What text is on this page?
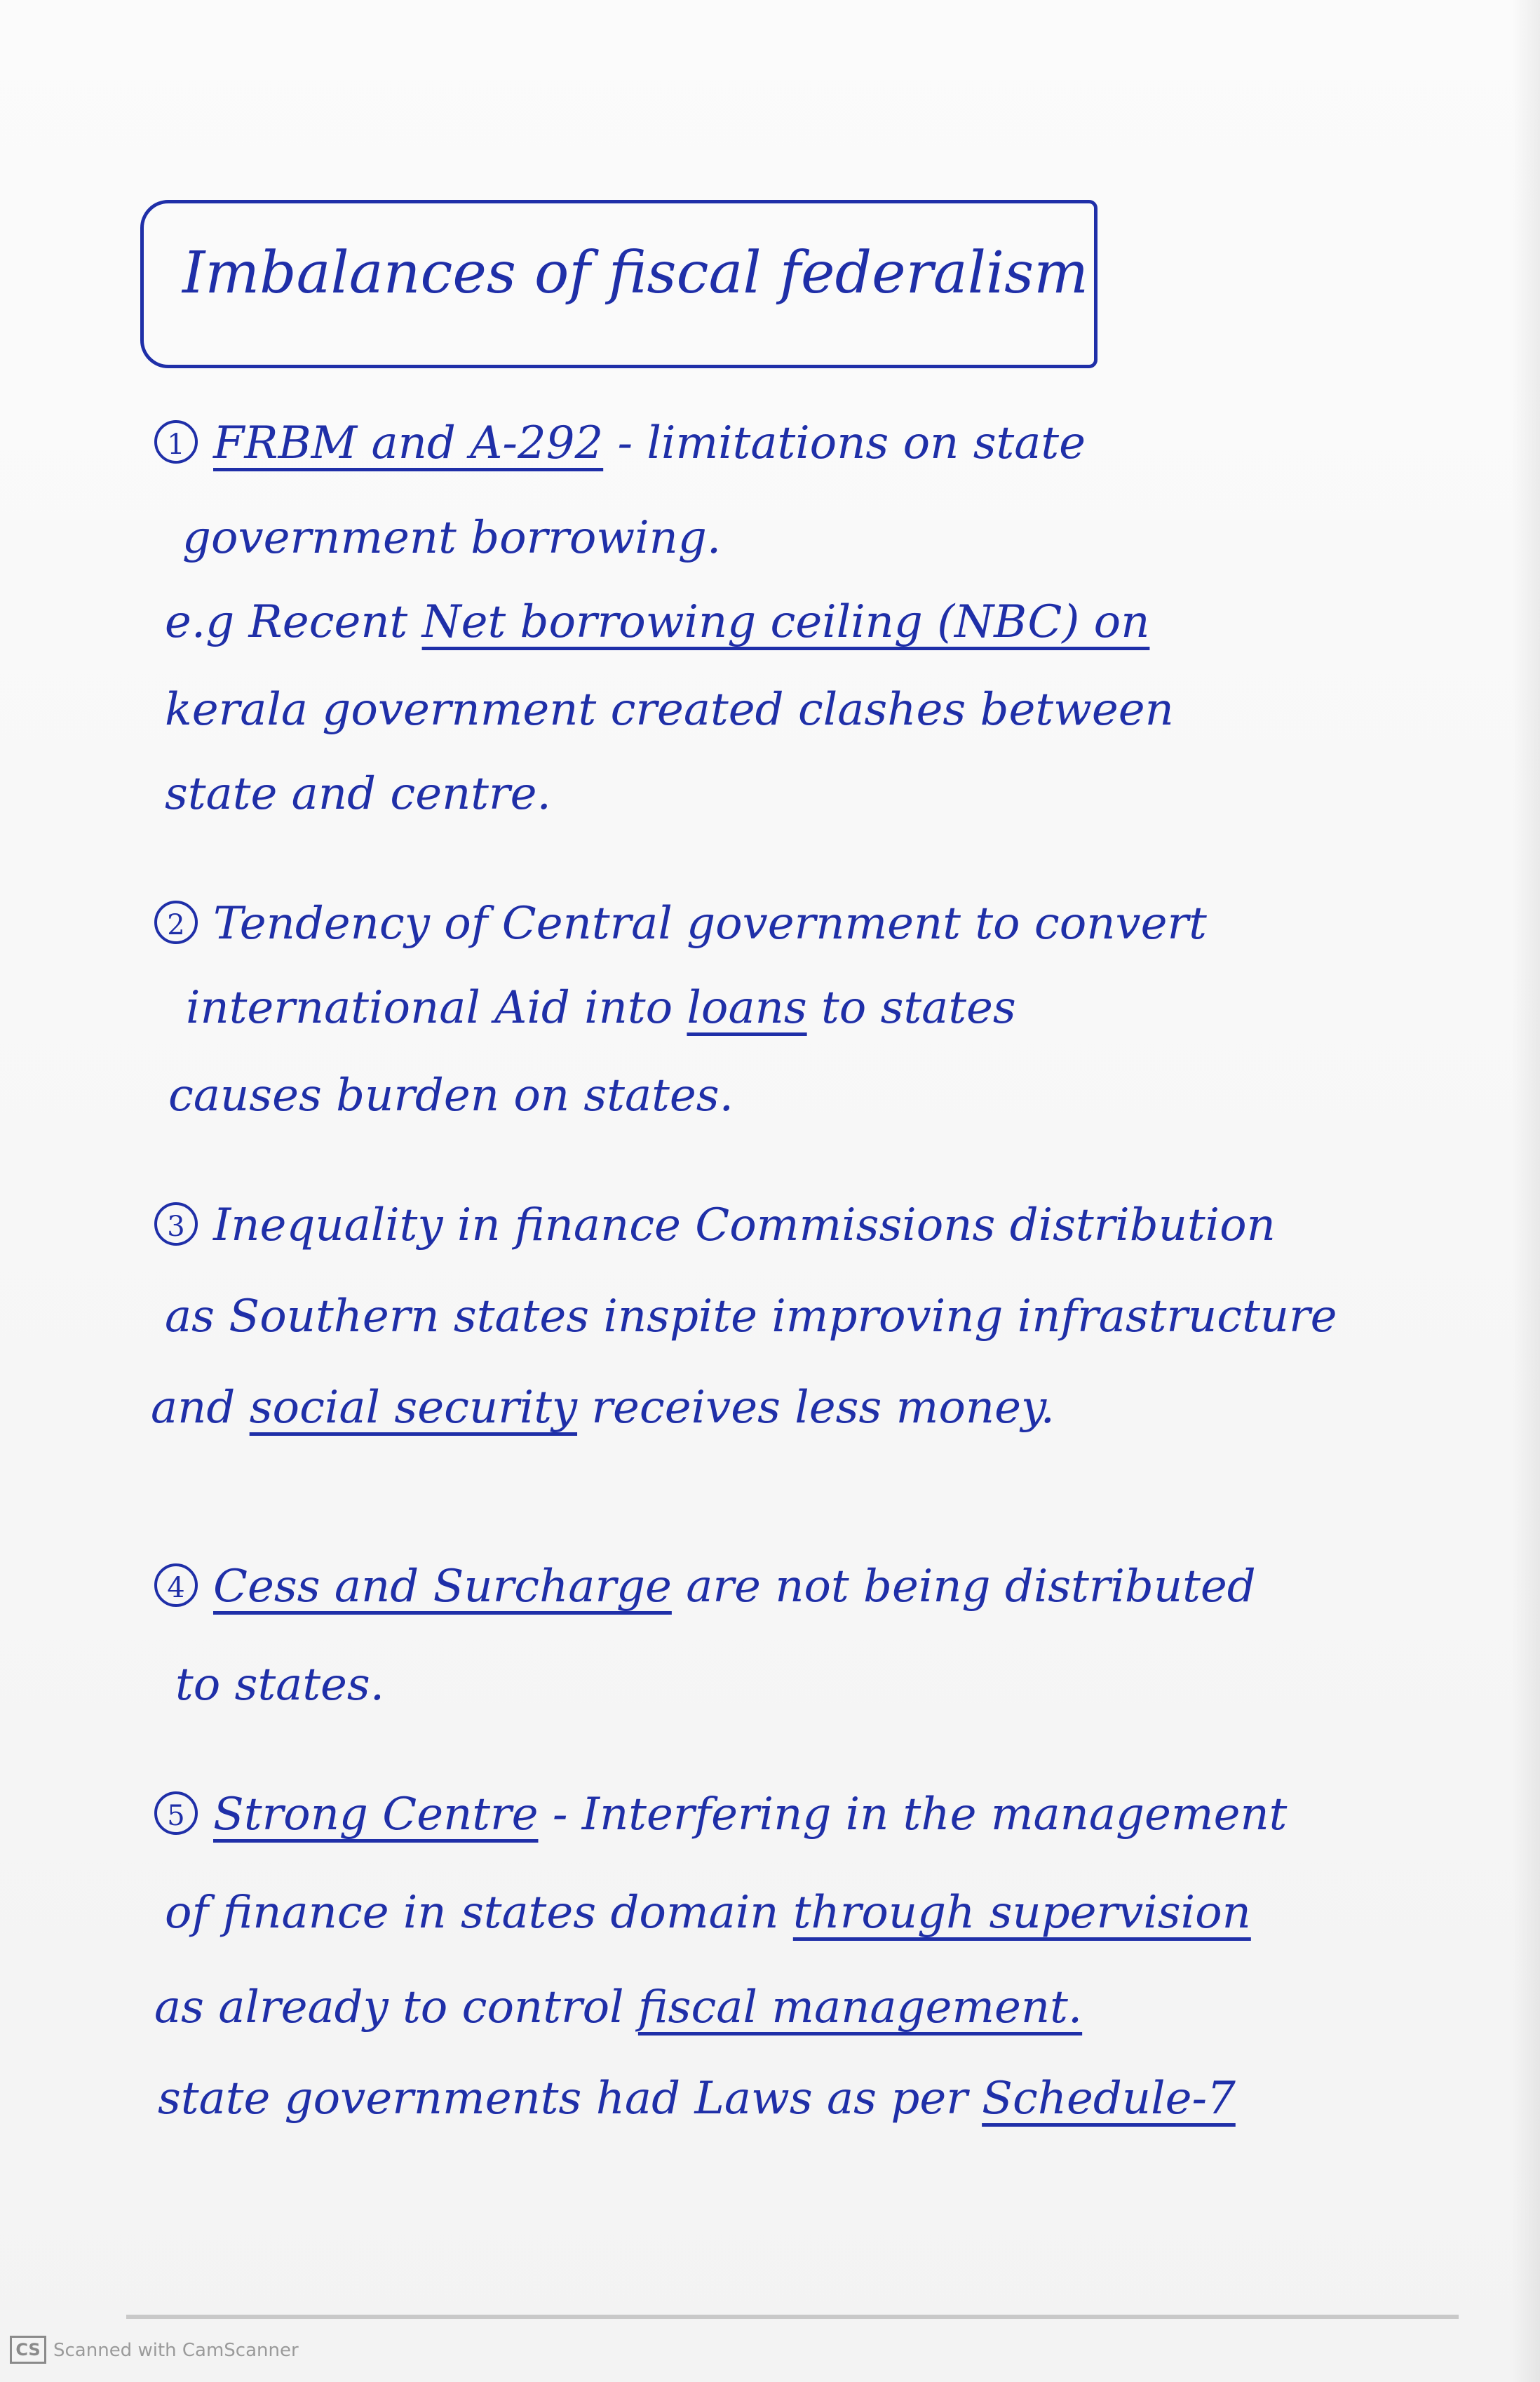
Imbalances of fiscal federalism
1 FRBM and A-292 - limitations on state
government borrowing.
e.g Recent Net borrowing ceiling (NBC) on
kerala government created clashes between
state and centre.
2 Tendency of Central government to convert
international Aid into loans to states
causes burden on states.
3 Inequality in finance Commissions distribution
as Southern states inspite improving infrastructure
and social security receives less money.
4 Cess and Surcharge are not being distributed
to states.
5 Strong Centre - Interfering in the management
of finance in states domain through supervision
as already to control fiscal management.
state governments had Laws as per Schedule-7
CS Scanned with CamScanner
